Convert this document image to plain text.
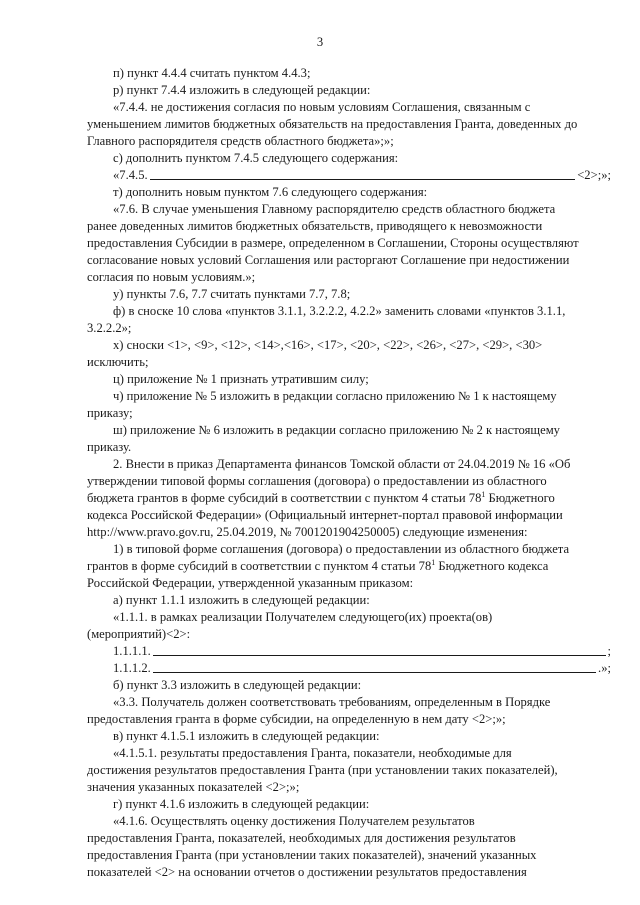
3
п) пункт 4.4.4 считать пунктом 4.4.3;
р) пункт 7.4.4 изложить в следующей редакции:
«7.4.4. не достижения согласия по новым условиям Соглашения, связанным с
уменьшением лимитов бюджетных обязательств на предоставления Гранта, доведенных до
Главного распорядителя средств областного бюджета»;»;
с) дополнить пунктом 7.4.5 следующего содержания:
«7.4.5.	<2>;»;
т) дополнить новым пунктом 7.6 следующего содержания:
«7.6. В случае уменьшения Главному распорядителю средств областного бюджета
ранее доведенных лимитов бюджетных обязательств, приводящего к невозможности
предоставления Субсидии в размере, определенном в Соглашении, Стороны осуществляют
согласование новых условий Соглашения или расторгают Соглашение при недостижении
согласия по новым условиям.»;
у) пункты 7.6, 7.7 считать пунктами 7.7, 7.8;
ф) в сноске 10 слова «пунктов 3.1.1, 3.2.2.2, 4.2.2» заменить словами «пунктов 3.1.1,
3.2.2.2»;
х) сноски <1>, <9>, <12>, <14>,<16>, <17>, <20>, <22>, <26>, <27>, <29>, <30>
исключить;
ц) приложение № 1 признать утратившим силу;
ч) приложение № 5 изложить в редакции согласно приложению № 1 к настоящему
приказу;
ш) приложение № 6 изложить в редакции согласно приложению № 2 к настоящему
приказу.
2. Внести в приказ Департамента финансов Томской области от 24.04.2019 № 16 «Об
утверждении типовой формы соглашения (договора) о предоставлении из областного
бюджета грантов в форме субсидий в соответствии с пунктом 4 статьи $78^1$ Бюджетного
кодекса Российской Федерации» (Официальный интернет-портал правовой информации
http://www.pravo.gov.ru, 25.04.2019, № 7001201904250005) следующие изменения:
1) в типовой форме соглашения (договора) о предоставлении из областного бюджета
грантов в форме субсидий в соответствии с пунктом 4 статьи $78^1$ Бюджетного кодекса
Российской Федерации, утвержденной указанным приказом:
а) пункт 1.1.1 изложить в следующей редакции:
«1.1.1. в рамках реализации Получателем следующего(их) проекта(ов)
(мероприятий)<2>:
1.1.1.1.	;
1.1.1.2.	.»;
б) пункт 3.3 изложить в следующей редакции:
«3.3. Получатель должен соответствовать требованиям, определенным в Порядке
предоставления гранта в форме субсидии, на определенную в нем дату <2>;»;
в) пункт 4.1.5.1 изложить в следующей редакции:
«4.1.5.1. результаты предоставления Гранта, показатели, необходимые для
достижения результатов предоставления Гранта (при установлении таких показателей),
значения указанных показателей <2>;»;
г) пункт 4.1.6 изложить в следующей редакции:
«4.1.6. Осуществлять оценку достижения Получателем результатов
предоставления Гранта, показателей, необходимых для достижения результатов
предоставления Гранта (при установлении таких показателей), значений указанных
показателей <2> на основании отчетов о достижении результатов предоставления
